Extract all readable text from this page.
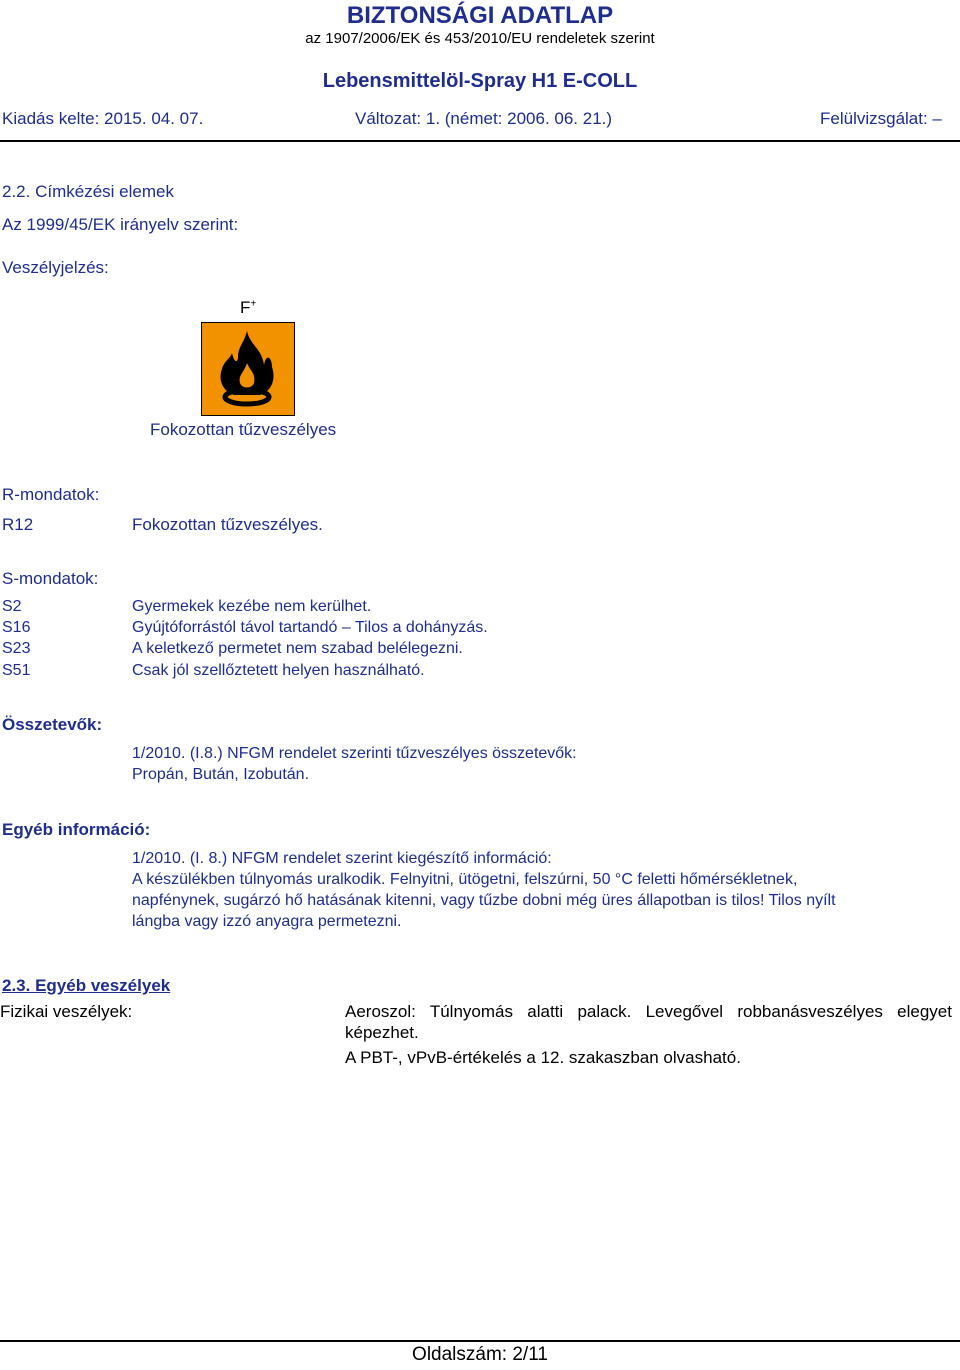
BIZTONSÁGI ADATLAP
az 1907/2006/EK és 453/2010/EU rendeletek szerint
Lebensmittelöl-Spray H1 E-COLL
Kiadás kelte: 2015. 04. 07.	Változat: 1. (német: 2006. 06. 21.)	Felülvizsgálat: –
2.2. Címkézési elemek
Az 1999/45/EK irányelv szerint:
Veszélyjelzés:
F+
Fokozottan tűzveszélyes
R-mondatok:
R12	Fokozottan tűzveszélyes.
S-mondatok:
S2	Gyermekek kezébe nem kerülhet.
S16	Gyújtóforrástól távol tartandó – Tilos a dohányzás.
S23	A keletkező permetet nem szabad belélegezni.
S51	Csak jól szellőztetett helyen használható.
Összetevők:
1/2010. (I.8.) NFGM rendelet szerinti tűzveszélyes összetevők:
Propán, Bután, Izobután.
Egyéb információ:
1/2010. (I. 8.) NFGM rendelet szerint kiegészítő információ:
A készülékben túlnyomás uralkodik. Felnyitni, ütögetni, felszúrni, 50 °C feletti hőmérsékletnek,
napfénynek, sugárzó hő hatásának kitenni, vagy tűzbe dobni még üres állapotban is tilos! Tilos nyílt
lángba vagy izzó anyagra permetezni.
2.3. Egyéb veszélyek
Fizikai veszélyek:	Aeroszol: Túlnyomás alatti palack. Levegővel robbanásveszélyes elegyet
képezhet.
A PBT-, vPvB-értékelés a 12. szakaszban olvasható.
Oldalszám: 2/11
